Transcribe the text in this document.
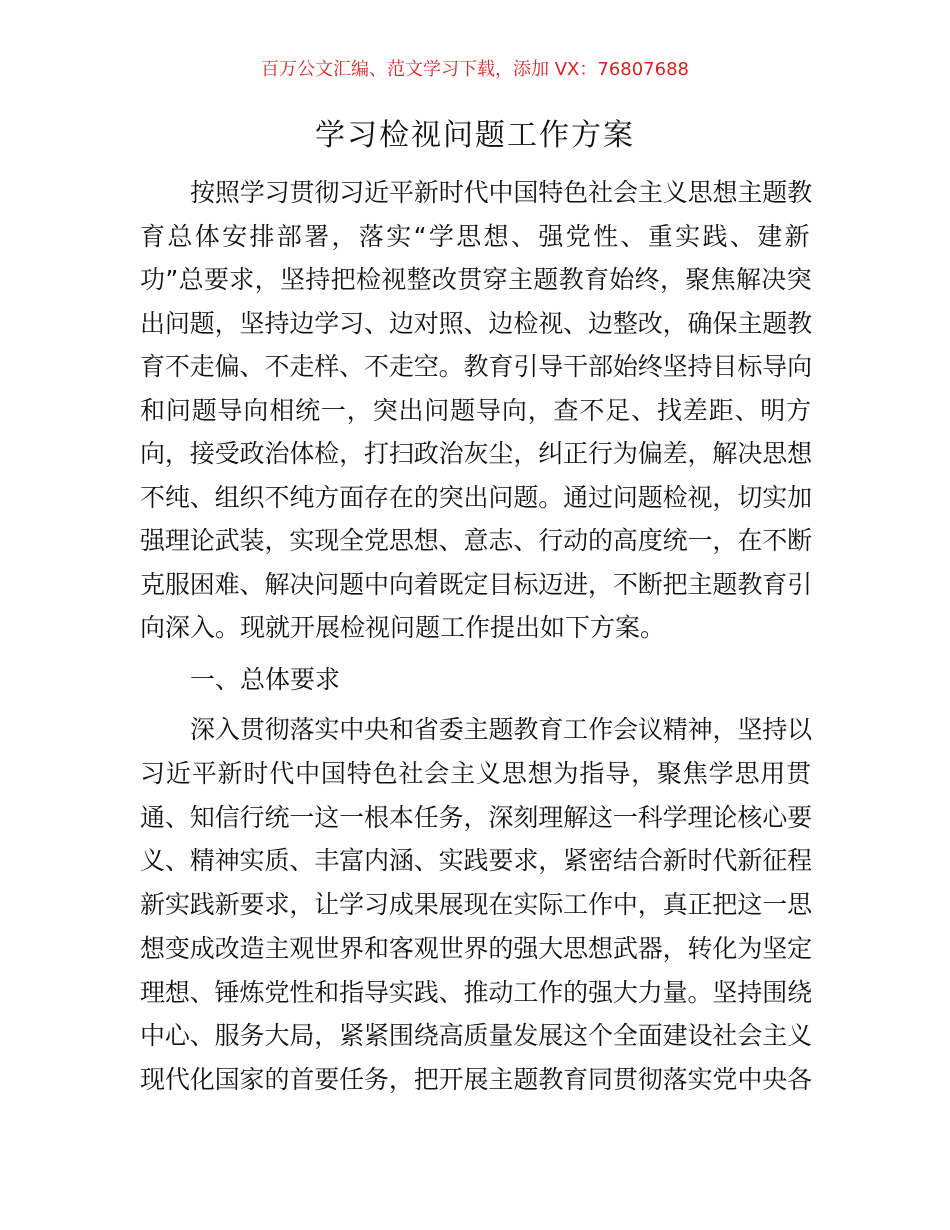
百万公文汇编、范文学习下载，添加 VX：76807688
学习检视问题工作方案
按照学习贯彻习近平新时代中国特色社会主义思想主题教
育总体安排部署，落实“学思想、强党性、重实践、建新
功”总要求，坚持把检视整改贯穿主题教育始终，聚焦解决突
出问题，坚持边学习、边对照、边检视、边整改，确保主题教
育不走偏、不走样、不走空。教育引导干部始终坚持目标导向
和问题导向相统一，突出问题导向，查不足、找差距、明方
向，接受政治体检，打扫政治灰尘，纠正行为偏差，解决思想
不纯、组织不纯方面存在的突出问题。通过问题检视，切实加
强理论武装，实现全党思想、意志、行动的高度统一，在不断
克服困难、解决问题中向着既定目标迈进，不断把主题教育引
向深入。现就开展检视问题工作提出如下方案。
一、总体要求
深入贯彻落实中央和省委主题教育工作会议精神，坚持以
习近平新时代中国特色社会主义思想为指导，聚焦学思用贯
通、知信行统一这一根本任务，深刻理解这一科学理论核心要
义、精神实质、丰富内涵、实践要求，紧密结合新时代新征程
新实践新要求，让学习成果展现在实际工作中，真正把这一思
想变成改造主观世界和客观世界的强大思想武器，转化为坚定
理想、锤炼党性和指导实践、推动工作的强大力量。坚持围绕
中心、服务大局，紧紧围绕高质量发展这个全面建设社会主义
现代化国家的首要任务，把开展主题教育同贯彻落实党中央各
